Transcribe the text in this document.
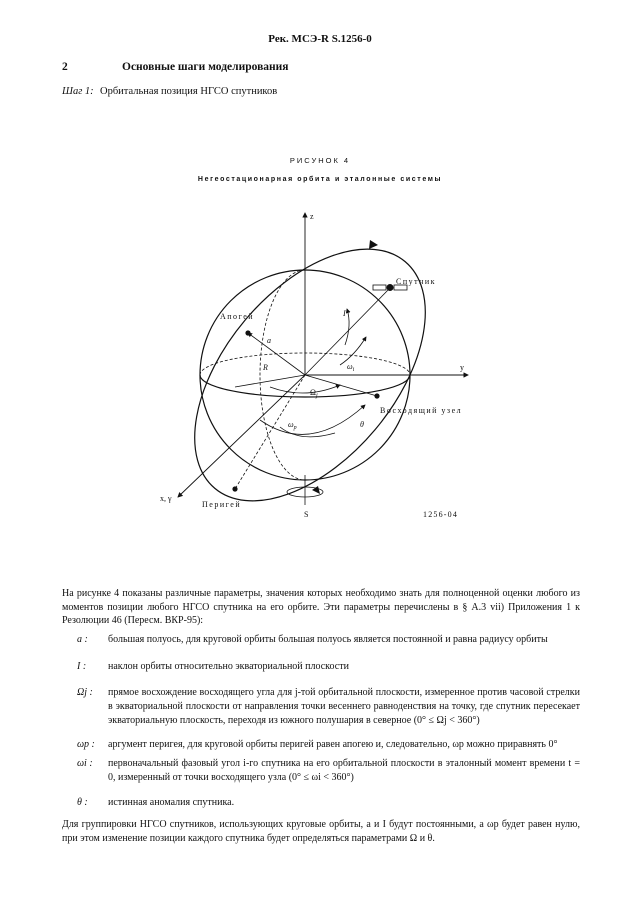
Рек. МСЭ-R S.1256-0
2	Основные шаги моделирования
Шаг 1: Орбитальная позиция НГСО спутников
РИСУНОК 4
Негеостационарная орбита и эталонные системы
z
y
x, γ
Спутник
Апогей
Перигей
Восходящий узел
a
R
I
$\omega_i$
$\Omega_j$
$\omega_p$	θ
S	1256-04
На рисунке 4 показаны различные параметры, значения которых необходимо знать для полноценной оценки любого из моментов позиции любого НГСО спутника на его орбите. Эти параметры перечислены в § A.3 vii) Приложения 1 к Резолюции 46 (Пересм. ВКР-95):
a : большая полуось, для круговой орбиты большая полуось является постоянной и равна радиусу орбиты
I : наклон орбиты относительно экваториальной плоскости
Ωj : прямое восхождение восходящего угла для j-той орбитальной плоскости, измеренное против часовой стрелки в экваториальной плоскости от направления точки весеннего равноденствия на точку, где спутник пересекает экваториальную плоскость, переходя из южного полушария в северное (0° ≤ Ωj < 360°)
ωp : аргумент перигея, для круговой орбиты перигей равен апогею и, следовательно, ωp можно приравнять 0°
ωi : первоначальный фазовый угол i-го спутника на его орбитальной плоскости в эталонный момент времени t = 0, измеренный от точки восходящего узла (0° ≤ ωi < 360°)
θ : истинная аномалия спутника.
Для группировки НГСО спутников, использующих круговые орбиты, a и I будут постоянными, а ωp будет равен нулю, при этом изменение позиции каждого спутника будет определяться параметрами Ω и θ.
